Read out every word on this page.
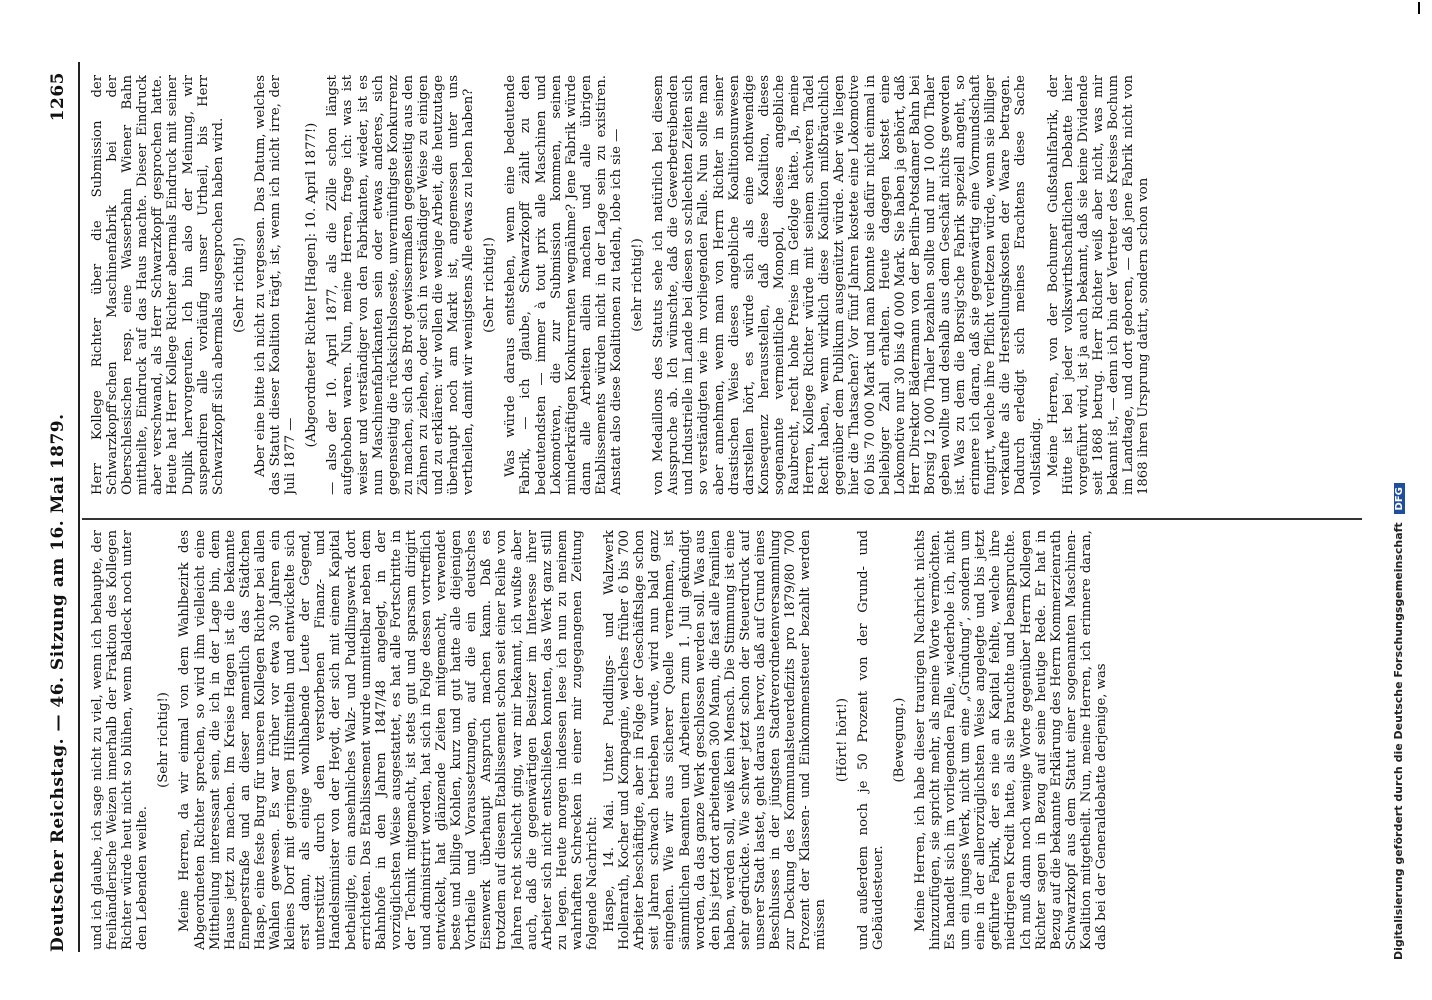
Deutscher Reichstag. — 46. Sitzung am 16. Mai 1879.
1265

und ich glaube, ich sage nicht zu viel, wenn ich behaupte, der freihändlerische Weizen innerhalb der Fraktion des Kollegen Richter würde heut nicht so blühen, wenn Baldeck noch unter den Lebenden weilte.

(Sehr richtig!) Meine Herren, da wir einmal von dem Wahlbezirk des Abgeordneten Richter sprechen, so wird ihm vielleicht eine Mittheilung interessant sein, die ich in der Lage bin, dem Hause jetzt zu machen. Im Kreise Hagen ist die bekannte Enneperstraße und an dieser namentlich das Städtchen Haspe, eine feste Burg für unseren Kollegen Richter bei allen Wahlen gewesen. Es war früher vor etwa 30 Jahren ein kleines Dorf mit geringen Hilfsmitteln und entwickelte sich erst dann, als einige wohlhabende Leute der Gegend, unterstützt durch den verstorbenen Finanz- und Handelsminister von der Heydt, der sich mit einem Kapital betheiligte, ein ansehnliches Walz- und Puddlingswerk dort errichteten. Das Etablissement wurde unmittelbar neben dem Bahnhofe in den Jahren 1847/48 angelegt, in der vorzüglichsten Weise ausgestattet, es hat alle Fortschritte in der Technik mitgemacht, ist stets gut und sparsam dirigirt und administrirt worden, hat sich in Folge dessen vortrefflich entwickelt, hat glänzende Zeiten mitgemacht, verwendet beste und billige Kohlen, kurz und gut hatte alle diejenigen Vortheile und Voraussetzungen, auf die ein deutsches Eisenwerk überhaupt Anspruch machen kann. Daß es trotzdem auf diesem Etablissement schon seit einer Reihe von Jahren recht schlecht ging, war mir bekannt, ich wußte aber auch, daß die gegenwärtigen Besitzer im Interesse ihrer Arbeiter sich nicht entschließen konnten, das Werk ganz still zu legen. Heute morgen indessen lese ich nun zu meinem wahrhaften Schrecken in einer mir zugegangenen Zeitung folgende Nachricht: Haspe, 14. Mai. Unter Puddlings- und Walzwerk Hollenrath, Kocher und Kompagnie, welches früher 6 bis 700 Arbeiter beschäftigte, aber in Folge der Geschäftslage schon seit Jahren schwach betrieben wurde, wird nun bald ganz eingehen. Wie wir aus sicherer Quelle vernehmen, ist sämmtlichen Beamten und Arbeitern zum 1. Juli gekündigt worden, da das ganze Werk geschlossen werden soll. Was aus den bis jetzt dort arbeitenden 300 Mann, die fast alle Familien haben, werden soll, weiß kein Mensch. Die Stimmung ist eine sehr gedrückte. Wie schwer jetzt schon der Steuerdruck auf unserer Stadt lastet, geht daraus hervor, daß auf Grund eines Beschlusses in der jüngsten Stadtverordnetenversammlung zur Deckung des Kommunalsteuerdefizits pro 1879/80 700 Prozent der Klassen- und Einkommensteuer bezahlt werden müssen

(Hört! hört!) und außerdem noch je 50 Prozent von der Grund- und Gebäudesteuer.

(Bewegung.) Meine Herren, ich habe dieser traurigen Nachricht nichts hinzuzufügen, sie spricht mehr, als meine Worte vermöchten. Es handelt sich im vorliegenden Falle, wiederhole ich, nicht um ein junges Werk, nicht um eine „Gründung“, sondern um eine in der allerorzüglichsten Weise angelegte und bis jetzt geführte Fabrik, der es nie an Kapital fehlte, welche ihre niedrigeren Kredit hatte, als sie brauchte und beanspruchte. Ich muß dann noch wenige Worte gegenüber Herrn Kollegen Richter sagen in Bezug auf seine heutige Rede. Er hat in Bezug auf die bekannte Erklärung des Herrn Kommerzienrath Schwarzkopf aus dem Statut einer sogenannten Maschinen-Koalition mitgetheilt. Nun, meine Herren, ich erinnere daran, daß bei der Generaldebatte derjenige, was

Herr Kollege Richter über die Submission der Schwarzkopff'schen Maschinenfabrik bei der Oberschlesischen resp. eine Wasserbahn Wiener Bahn mittheilte, Eindruck auf das Haus machte. Dieser Eindruck aber verschwand, als Herr Schwarzkopff gesprochen hatte. Heute hat Herr Kollege Richter abermals Eindruck mit seiner Duplik hervorgerufen. Ich bin also der Meinung, wir suspendiren alle vorläufig unser Urtheil, bis Herr Schwarzkopff sich abermals ausgesprochen haben wird. (Sehr richtig!) Aber eine bitte ich nicht zu vergessen. Das Datum, welches das Statut dieser Koalition trägt, ist, wenn ich nicht irre, der Juli 1877 —

(Abgeordneter Richter [Hagen]: 10. April 1877!) — also der 10. April 1877, als die Zölle schon längst aufgehoben waren. Nun, meine Herren, frage ich: was ist weiser und verständiger von den Fabrikanten, wieder, ist es nun Maschinenfabrikanten sein oder etwas anderes, sich gegenseitig die rücksichtsloseste, unvernünftigste Konkurrenz zu machen, sich das Brot gewissermaßen gegenseitig aus den Zähnen zu ziehen, oder sich in verständiger Weise zu einigen und zu erklären: wir wollen die wenige Arbeit, die heutzutage überhaupt noch am Markt ist, angemessen unter uns vertheilen, damit wir wenigstens Alle etwas zu leben haben? (Sehr richtig!) Was würde daraus entstehen, wenn eine bedeutende Fabrik, — ich glaube, Schwarzkopff zählt zu den bedeutendsten — immer à tout prix alle Maschinen und Lokomotiven, die zur Submission kommen, seinen minderkräftigen Konkurrenten wegnähme? Jene Fabrik würde dann alle Arbeiten allein machen und alle übrigen Etablissements würden nicht in der Lage sein zu existiren. Anstatt also diese Koalitionen zu tadeln, lobe ich sie — (sehr richtig!) von Medaillons des Statuts sehe ich natürlich bei diesem Ausspruche ab. Ich wünschte, daß die Gewerbetreibenden und Industrielle im Lande bei diesen so schlechten Zeiten sich so verständigten wie im vorliegenden Falle. Nun sollte man aber annehmen, wenn man von Herrn Richter in seiner drastischen Weise dieses angebliche Koalitionsunwesen darstellen hört, es würde sich als eine nothwendige Konsequenz herausstellen, daß diese Koalition, dieses sogenannte vermeintliche Monopol, dieses angebliche Raubrecht, recht hohe Preise im Gefolge hätte. Ja, meine Herren, Kollege Richter würde mit seinem schweren Tadel Recht haben, wenn wirklich diese Koalition mißbräuchlich gegenüber dem Publikum ausgenützt würde. Aber wie liegen hier die Thatsachen? Vor fünf Jahren kostete eine Lokomotive 60 bis 70 000 Mark und man konnte sie dafür nicht einmal in beliebiger Zahl erhalten. Heute dagegen kostet eine Lokomotive nur 30 bis 40 000 Mark. Sie haben ja gehört, daß Herr Direktor Bädermann von der Berlin-Potsdamer Bahn bei Borsig 12 000 Thaler bezahlen sollte und nur 10 000 Thaler geben wollte und deshalb aus dem Geschäft nichts geworden ist. Was zu dem die Borsig'sche Fabrik speziell angeht, so erinnere ich daran, daß sie gegenwärtig eine Vormundschaft fungirt, welche ihre Pflicht verletzen würde, wenn sie billiger verkaufte als die Herstellungskosten der Waare betragen. Dadurch erledigt sich meines Erachtens diese Sache vollständig. Meine Herren, von der Bochumer Gußstahlfabrik, der Hütte ist bei jeder volkswirthschaftlichen Debatte hier vorgeführt wird, ist ja auch bekannt, daß sie keine Dividende seit 1868 betrug. Herr Richter weiß aber nicht, was mir bekannt ist, — denn ich bin der Vertreter des Kreises Bochum im Landtage, und dort geboren, — daß jene Fabrik nicht von 1868 ihren Ursprung datirt, sondern schon von

Digitalisierung gefördert durch die Deutsche Forschungsgemeinschaft DFG
